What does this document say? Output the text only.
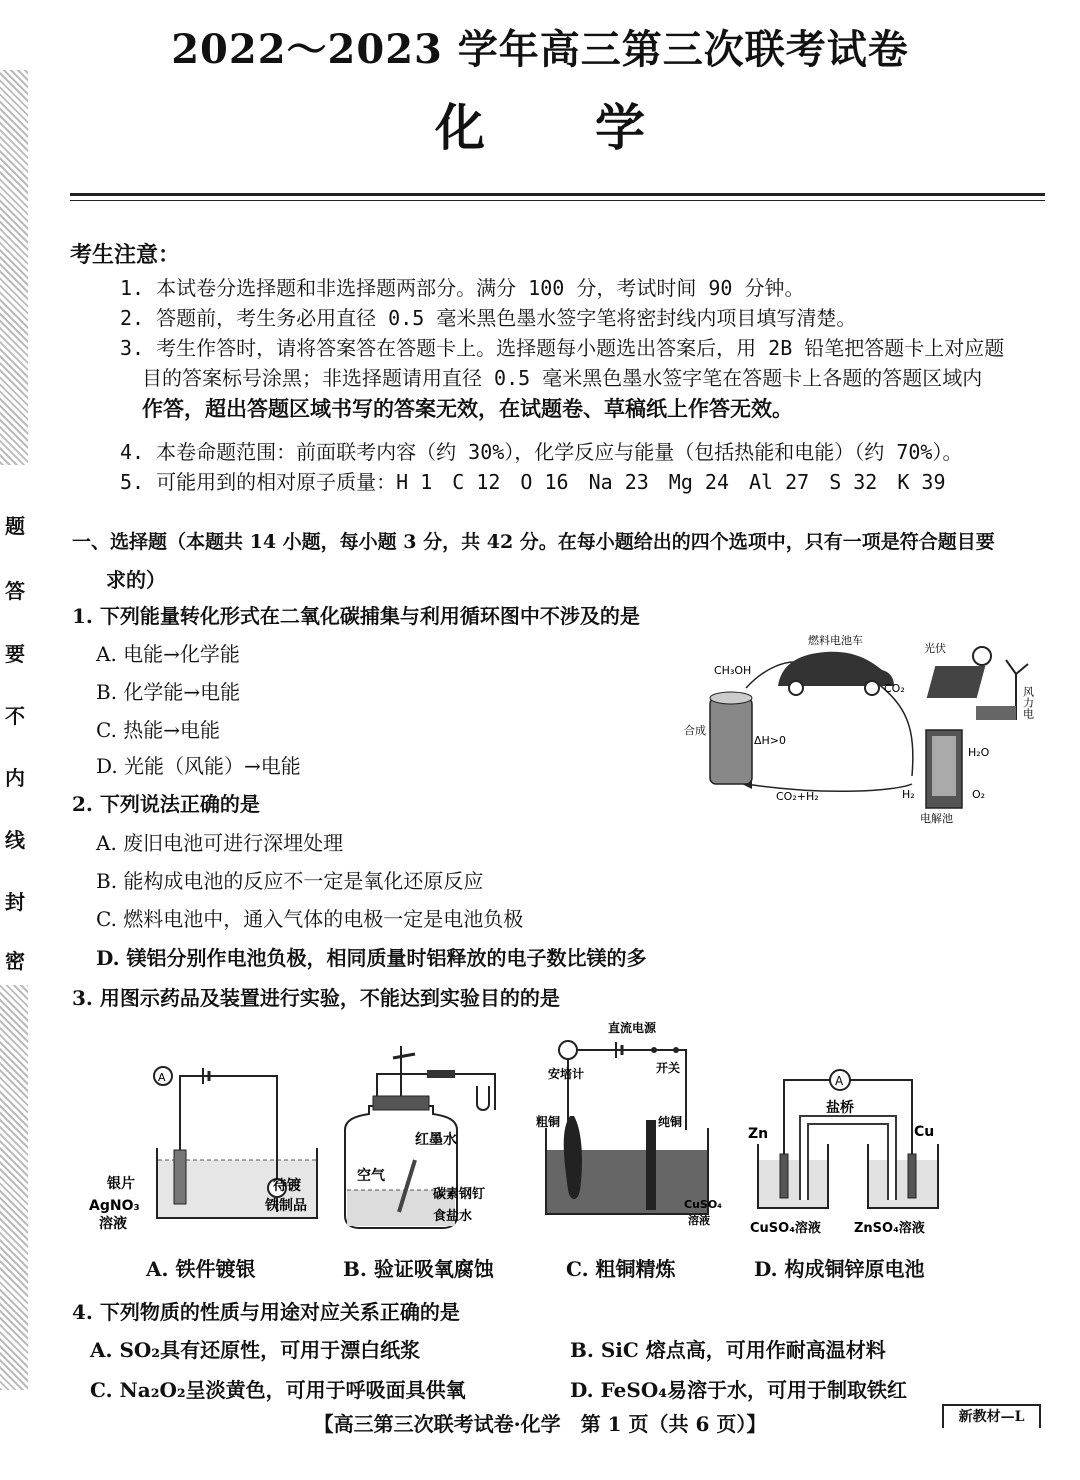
题
答
要
不
内
线
封
密
2022～2023 学年高三第三次联考试卷
化学
考生注意：
1. 本试卷分选择题和非选择题两部分。满分 100 分，考试时间 90 分钟。
2. 答题前，考生务必用直径 0.5 毫米黑色墨水签字笔将密封线内项目填写清楚。
3. 考生作答时，请将答案答在答题卡上。选择题每小题选出答案后，用 2B 铅笔把答题卡上对应题
目的答案标号涂黑；非选择题请用直径 0.5 毫米黑色墨水签字笔在答题卡上各题的答题区域内
作答，超出答题区域书写的答案无效，在试题卷、草稿纸上作答无效。
4. 本卷命题范围：前面联考内容（约 30%），化学反应与能量（包括热能和电能）（约 70%）。
5. 可能用到的相对原子质量：H 1　C 12　O 16　Na 23　Mg 24　Al 27　S 32　K 39
一、选择题（本题共 14 小题，每小题 3 分，共 42 分。在每小题给出的四个选项中，只有一项是符合题目要
求的）
1. 下列能量转化形式在二氧化碳捕集与利用循环图中不涉及的是
A. 电能→化学能
B. 化学能→电能
C. 热能→电能
D. 光能（风能）→电能
燃料电池车
CH₃OH
CO₂
合成
ΔH>0
光伏
风力电
H₂O
H₂	O₂
电解池
CO₂+H₂
2. 下列说法正确的是
A. 废旧电池可进行深埋处理
B. 能构成电池的反应不一定是氧化还原反应
C. 燃料电池中，通入气体的电极一定是电池负极
D. 镁铝分别作电池负极，相同质量时铝释放的电子数比镁的多
3. 用图示药品及装置进行实验，不能达到实验目的的是
A
银片
AgNO₃
溶液
待镀
铁制品
A. 铁件镀银
红墨水
空气
碳素钢钉
食盐水
B. 验证吸氧腐蚀
直流电源
安培计	开关
粗铜	纯铜
CuSO₄
溶液
C. 粗铜精炼
A
盐桥
Zn	Cu
CuSO₄溶液	ZnSO₄溶液
D. 构成铜锌原电池
4. 下列物质的性质与用途对应关系正确的是
A. SO₂具有还原性，可用于漂白纸浆	B. SiC 熔点高，可用作耐高温材料
C. Na₂O₂呈淡黄色，可用于呼吸面具供氧	D. FeSO₄易溶于水，可用于制取铁红
【高三第三次联考试卷·化学　第 1 页（共 6 页）】	新教材—L
